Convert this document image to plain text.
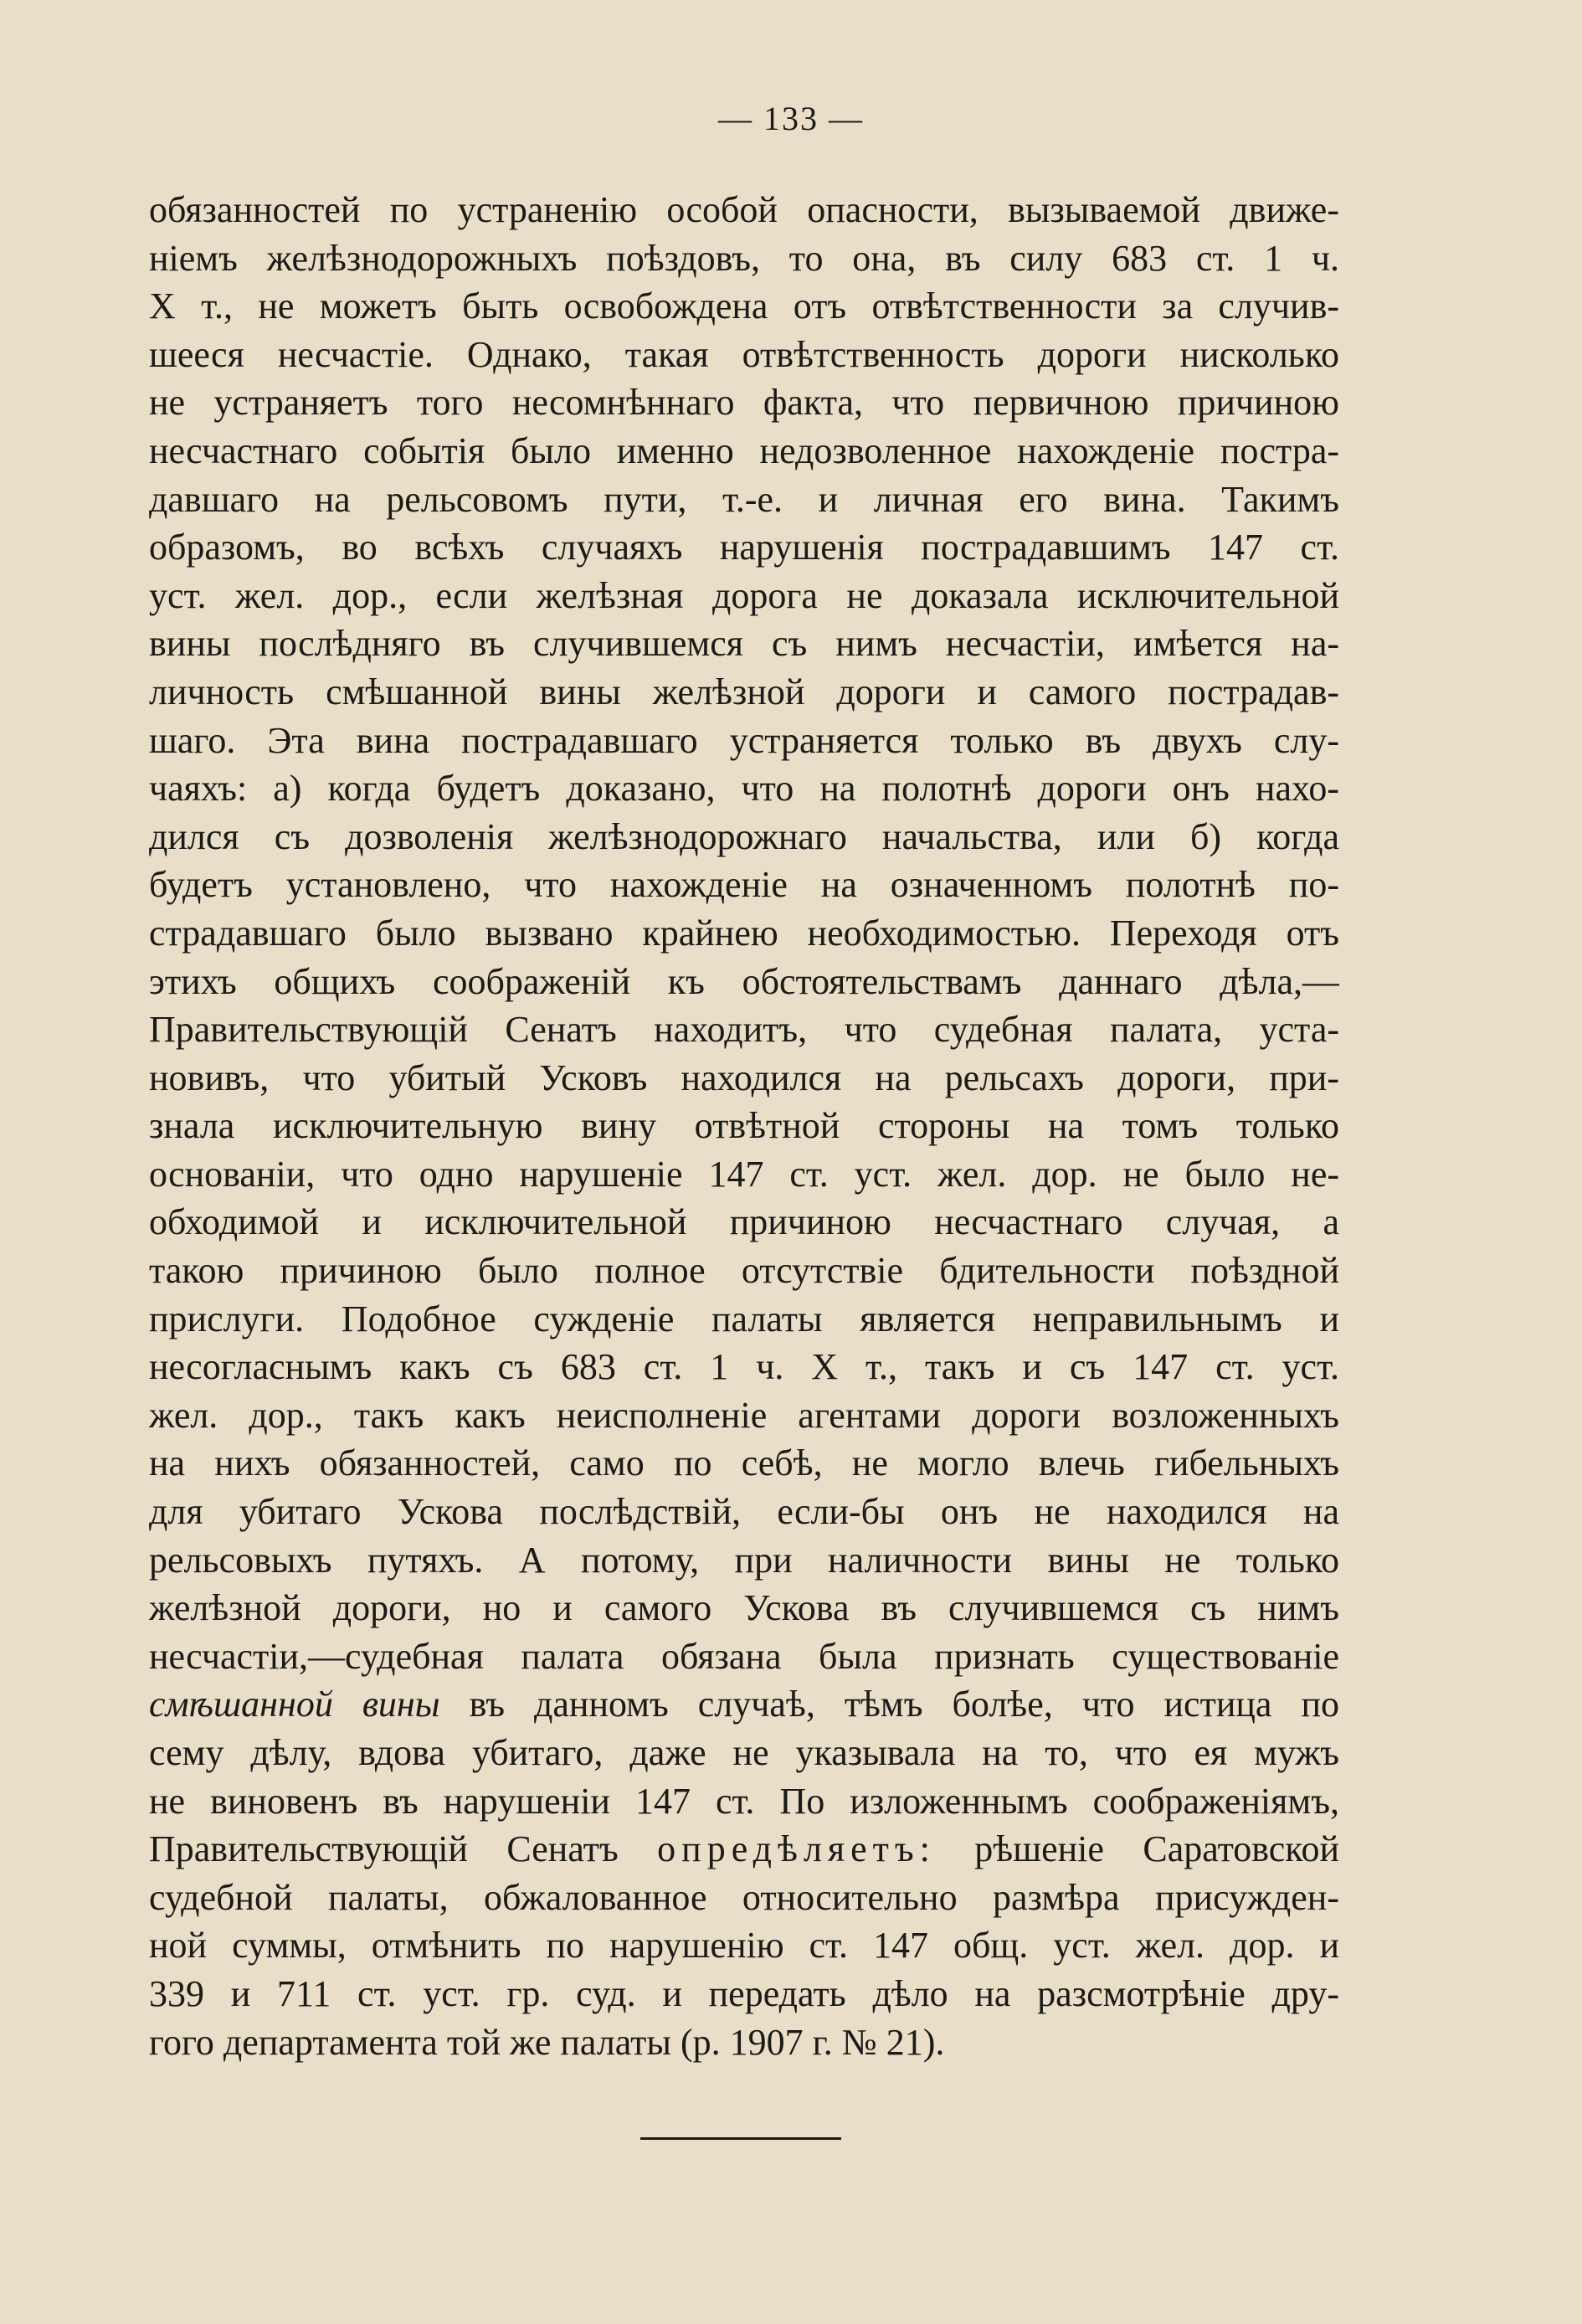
— 133 —
обязанностей по устраненію особой опасности, вызываемой движе-
ніемъ желѣзнодорожныхъ поѣздовъ, то она, въ силу 683 ст. 1 ч.
X т., не можетъ быть освобождена отъ отвѣтственности за случив-
шееся несчастіе. Однако, такая отвѣтственность дороги нисколько
не устраняетъ того несомнѣннаго факта, что первичною причиною
несчастнаго событія было именно недозволенное нахожденіе постра-
давшаго на рельсовомъ пути, т.-е. и личная его вина. Такимъ
образомъ, во всѣхъ случаяхъ нарушенія пострадавшимъ 147 ст.
уст. жел. дор., если желѣзная дорога не доказала исключительной
вины послѣдняго въ случившемся съ нимъ несчастіи, имѣется на-
личность смѣшанной вины желѣзной дороги и самого пострадав-
шаго. Эта вина пострадавшаго устраняется только въ двухъ слу-
чаяхъ: а) когда будетъ доказано, что на полотнѣ дороги онъ нахо-
дился съ дозволенія желѣзнодорожнаго начальства, или б) когда
будетъ установлено, что нахожденіе на означенномъ полотнѣ по-
страдавшаго было вызвано крайнею необходимостью. Переходя отъ
этихъ общихъ соображеній къ обстоятельствамъ даннаго дѣла,—
Правительствующій Сенатъ находитъ, что судебная палата, уста-
новивъ, что убитый Усковъ находился на рельсахъ дороги, при-
знала исключительную вину отвѣтной стороны на томъ только
основаніи, что одно нарушеніе 147 ст. уст. жел. дор. не было не-
обходимой и исключительной причиною несчастнаго случая, а
такою причиною было полное отсутствіе бдительности поѣздной
прислуги. Подобное сужденіе палаты является неправильнымъ и
несогласнымъ какъ съ 683 ст. 1 ч. X т., такъ и съ 147 ст. уст.
жел. дор., такъ какъ неисполненіе агентами дороги возложенныхъ
на нихъ обязанностей, само по себѣ, не могло влечь гибельныхъ
для убитаго Ускова послѣдствій, если-бы онъ не находился на
рельсовыхъ путяхъ. А потому, при наличности вины не только
желѣзной дороги, но и самого Ускова въ случившемся съ нимъ
несчастіи,—судебная палата обязана была признать существованіе
смѣшанной вины въ данномъ случаѣ, тѣмъ болѣе, что истица по
сему дѣлу, вдова убитаго, даже не указывала на то, что ея мужъ
не виновенъ въ нарушеніи 147 ст. По изложеннымъ соображеніямъ,
Правительствующій Сенатъ опредѣляетъ: рѣшеніе Саратовской
судебной палаты, обжалованное относительно размѣра присужден-
ной суммы, отмѣнить по нарушенію ст. 147 общ. уст. жел. дор. и
339 и 711 ст. уст. гр. суд. и передать дѣло на разсмотрѣніе дру-
гого департамента той же палаты (р. 1907 г. № 21).
